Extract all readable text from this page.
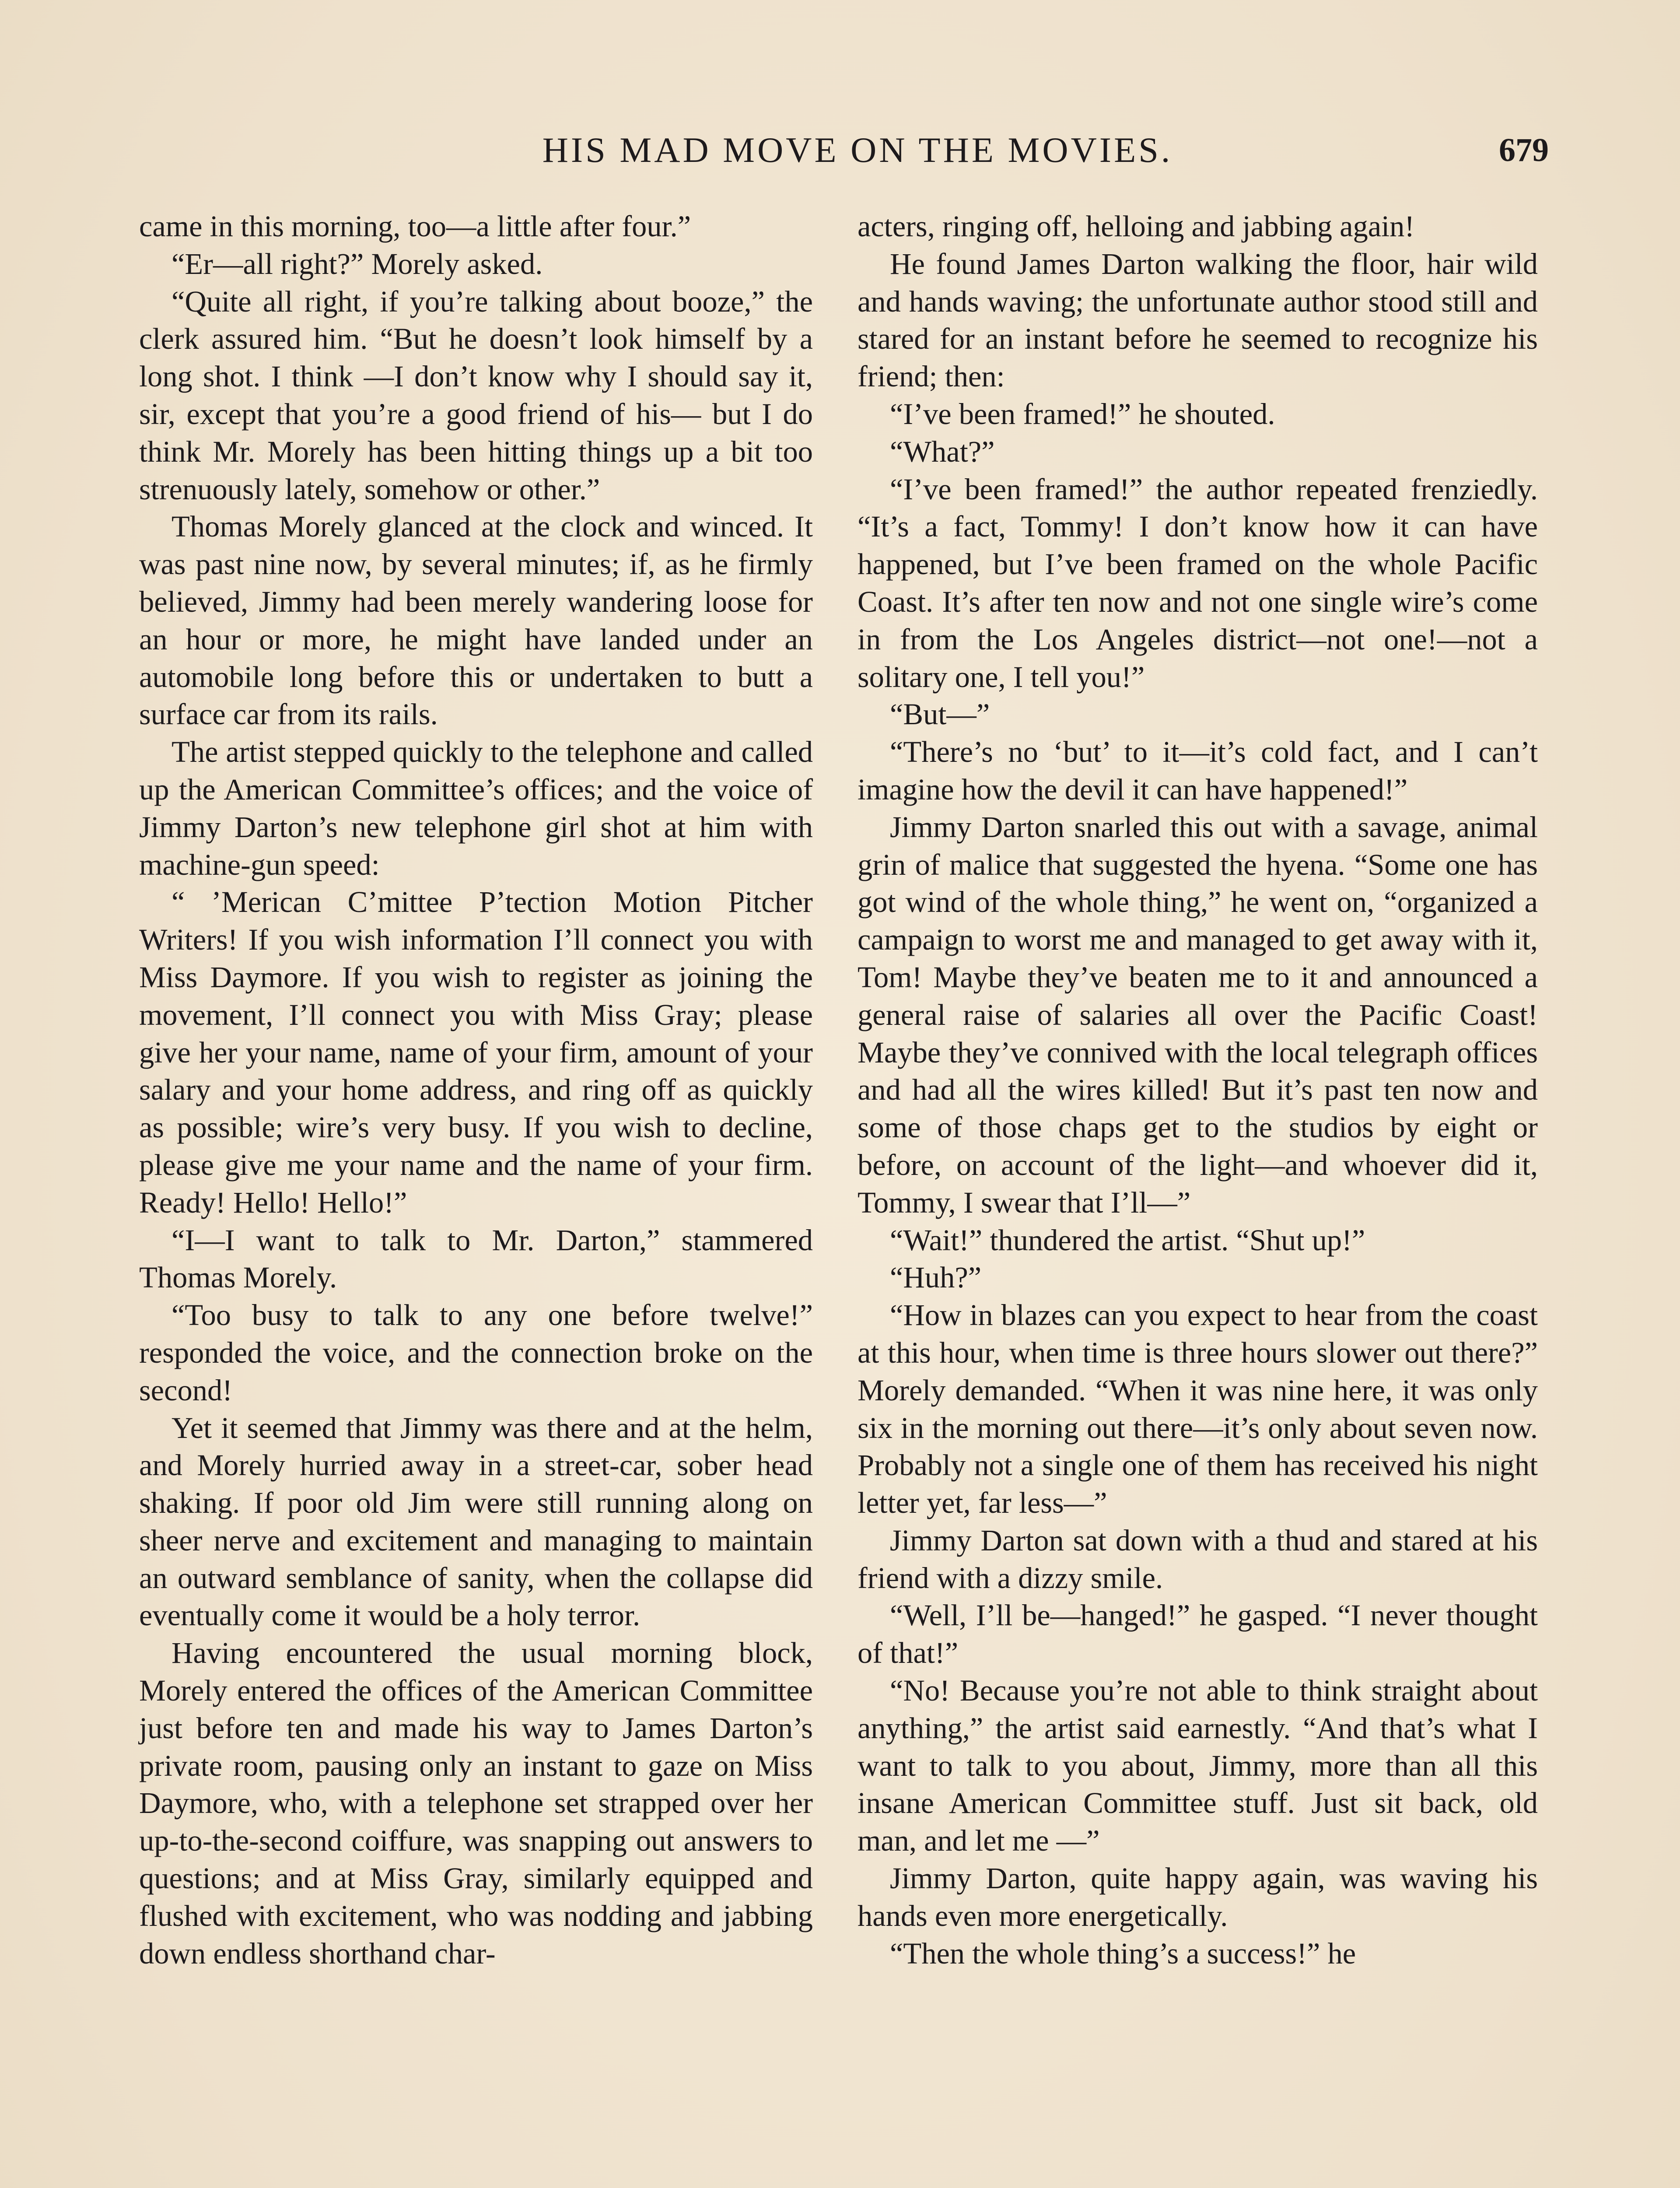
HIS MAD MOVE ON THE MOVIES.	679

came in this morning, too—a little after four.”

“Er—all right?” Morely asked.

“Quite all right, if you’re talking about booze,” the clerk assured him. “But he doesn’t look himself by a long shot. I think —I don’t know why I should say it, sir, except that you’re a good friend of his— but I do think Mr. Morely has been hitting things up a bit too strenuously lately, somehow or other.”

Thomas Morely glanced at the clock and winced. It was past nine now, by several minutes; if, as he firmly believed, Jimmy had been merely wandering loose for an hour or more, he might have landed under an automobile long before this or undertaken to butt a surface car from its rails.

The artist stepped quickly to the telephone and called up the American Committee’s offices; and the voice of Jimmy Darton’s new telephone girl shot at him with machine-gun speed:

“ ’Merican C’mittee P’tection Motion Pitcher Writers! If you wish information I’ll connect you with Miss Daymore. If you wish to register as joining the movement, I’ll connect you with Miss Gray; please give her your name, name of your firm, amount of your salary and your home address, and ring off as quickly as possible; wire’s very busy. If you wish to decline, please give me your name and the name of your firm. Ready! Hello! Hello!”

“I—I want to talk to Mr. Darton,” stammered Thomas Morely.

“Too busy to talk to any one before twelve!” responded the voice, and the connection broke on the second!

Yet it seemed that Jimmy was there and at the helm, and Morely hurried away in a street-car, sober head shaking. If poor old Jim were still running along on sheer nerve and excitement and managing to maintain an outward semblance of sanity, when the collapse did eventually come it would be a holy terror.

Having encountered the usual morning block, Morely entered the offices of the American Committee just before ten and made his way to James Darton’s private room, pausing only an instant to gaze on Miss Daymore, who, with a telephone set strapped over her up-to-the-second coiffure, was snapping out answers to questions; and at Miss Gray, similarly equipped and flushed with excitement, who was nodding and jabbing down endless shorthand char-

acters, ringing off, helloing and jabbing again!

He found James Darton walking the floor, hair wild and hands waving; the unfortunate author stood still and stared for an instant before he seemed to recognize his friend; then:

“I’ve been framed!” he shouted.

“What?”

“I’ve been framed!” the author repeated frenziedly. “It’s a fact, Tommy! I don’t know how it can have happened, but I’ve been framed on the whole Pacific Coast. It’s after ten now and not one single wire’s come in from the Los Angeles district—not one!—not a solitary one, I tell you!”

“But—”

“There’s no ‘but’ to it—it’s cold fact, and I can’t imagine how the devil it can have happened!”

Jimmy Darton snarled this out with a savage, animal grin of malice that suggested the hyena. “Some one has got wind of the whole thing,” he went on, “organized a campaign to worst me and managed to get away with it, Tom! Maybe they’ve beaten me to it and announced a general raise of salaries all over the Pacific Coast! Maybe they’ve connived with the local telegraph offices and had all the wires killed! But it’s past ten now and some of those chaps get to the studios by eight or before, on account of the light—and whoever did it, Tommy, I swear that I’ll—”

“Wait!” thundered the artist. “Shut up!”

“Huh?”

“How in blazes can you expect to hear from the coast at this hour, when time is three hours slower out there?” Morely demanded. “When it was nine here, it was only six in the morning out there—it’s only about seven now. Probably not a single one of them has received his night letter yet, far less—”

Jimmy Darton sat down with a thud and stared at his friend with a dizzy smile.

“Well, I’ll be—hanged!” he gasped. “I never thought of that!”

“No! Because you’re not able to think straight about anything,” the artist said earnestly. “And that’s what I want to talk to you about, Jimmy, more than all this insane American Committee stuff. Just sit back, old man, and let me —”

Jimmy Darton, quite happy again, was waving his hands even more energetically.

“Then the whole thing’s a success!” he
